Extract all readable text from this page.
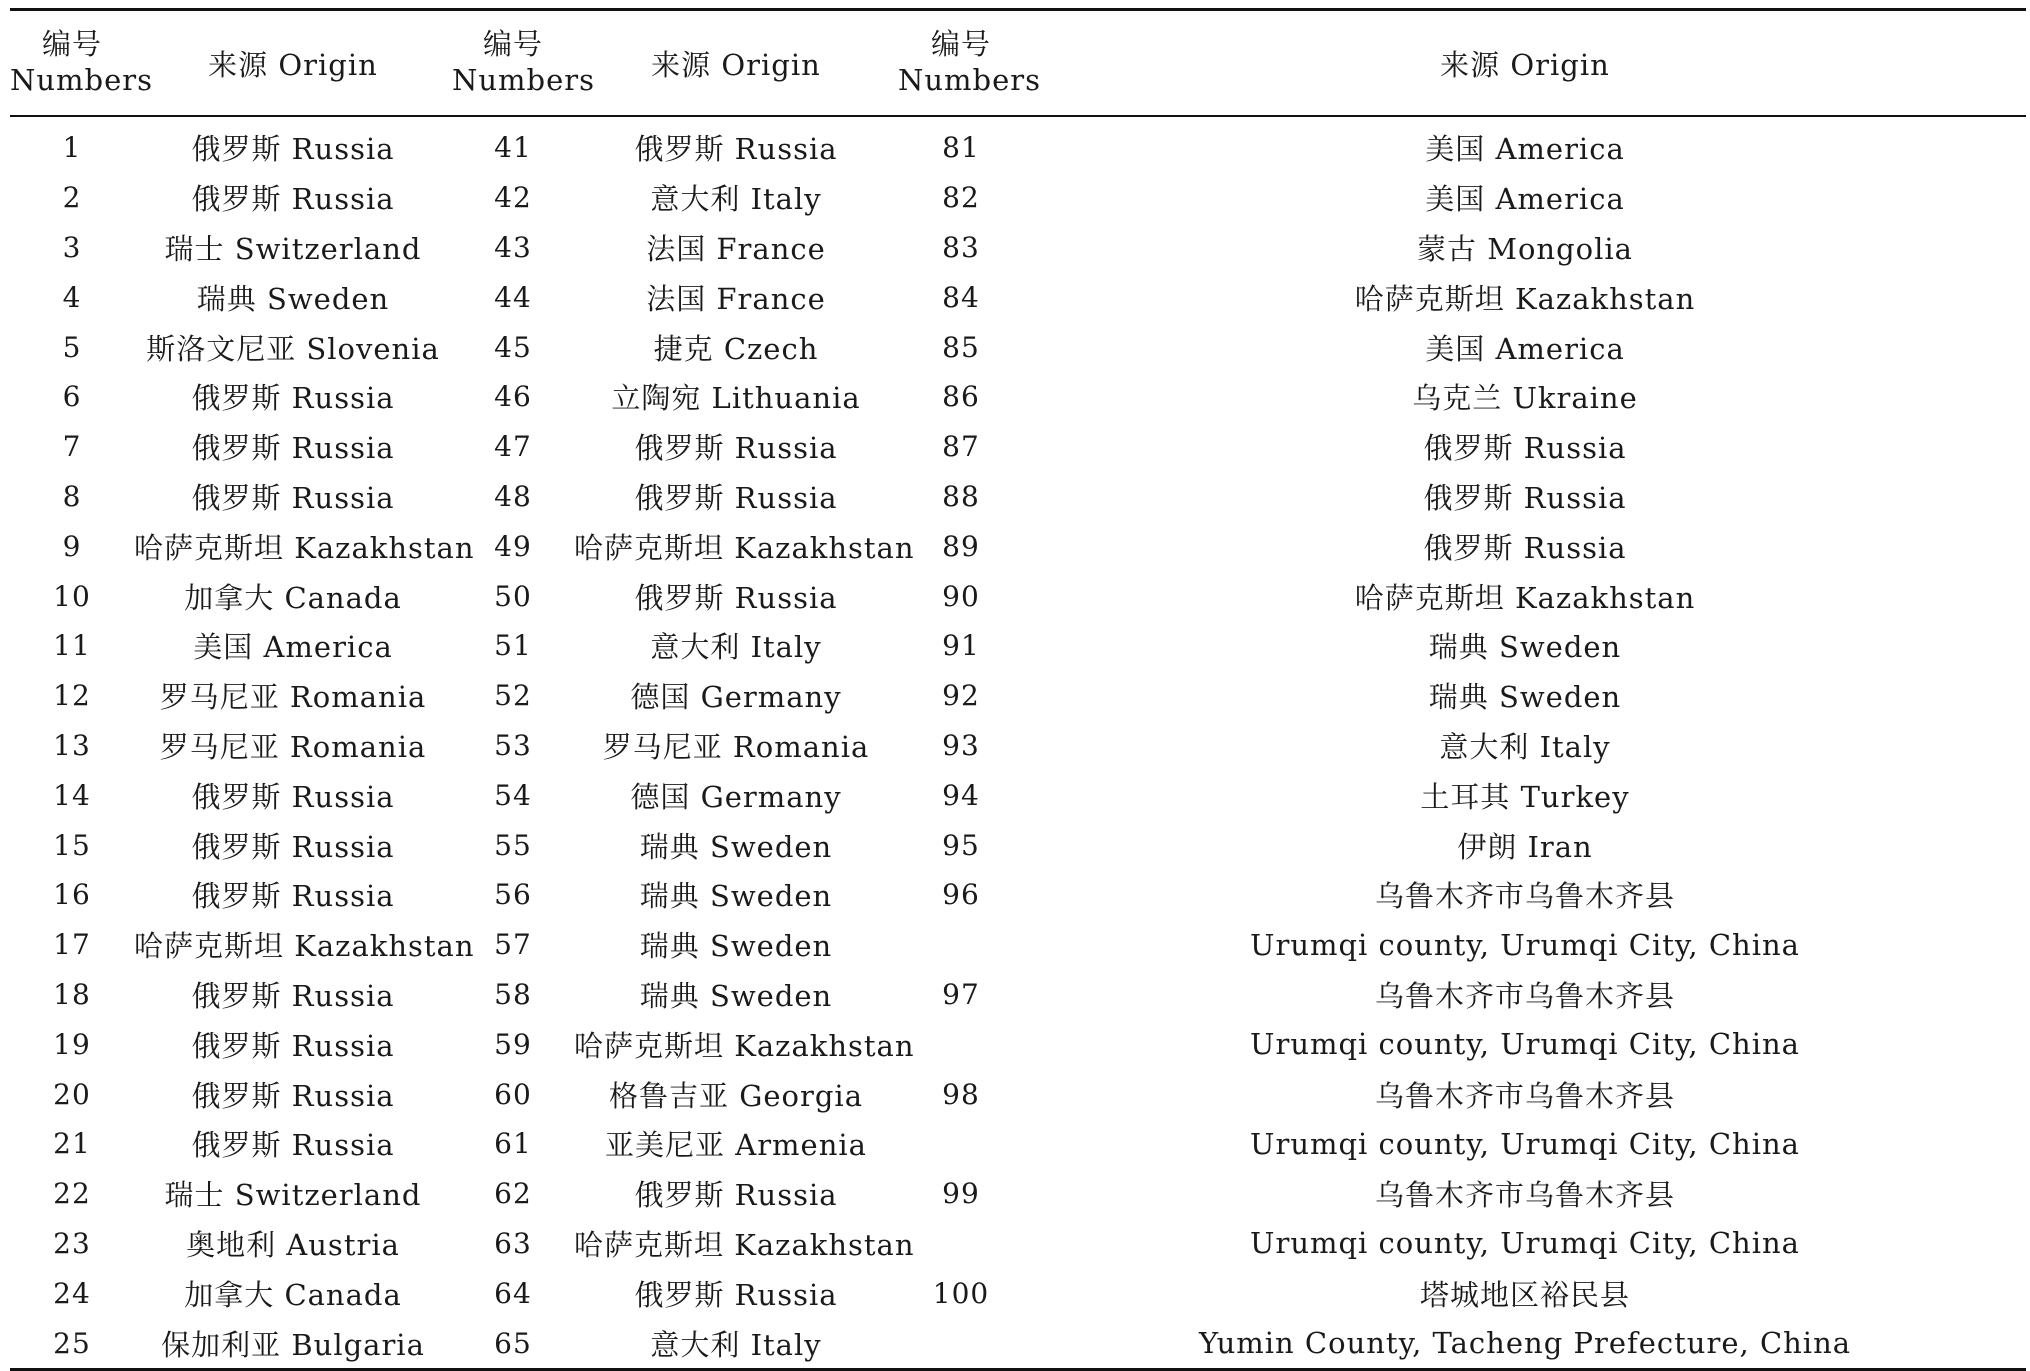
编号	来源 Origin	编号	来源 Origin	编号	来源 Origin
Numbers		Numbers		Numbers	
1	俄罗斯 Russia	41	俄罗斯 Russia	81	美国 America
2	俄罗斯 Russia	42	意大利 Italy	82	美国 America
3	瑞士 Switzerland	43	法国 France	83	蒙古 Mongolia
4	瑞典 Sweden	44	法国 France	84	哈萨克斯坦 Kazakhstan
5	斯洛文尼亚 Slovenia	45	捷克 Czech	85	美国 America
6	俄罗斯 Russia	46	立陶宛 Lithuania	86	乌克兰 Ukraine
7	俄罗斯 Russia	47	俄罗斯 Russia	87	俄罗斯 Russia
8	俄罗斯 Russia	48	俄罗斯 Russia	88	俄罗斯 Russia
9	哈萨克斯坦 Kazakhstan	49	哈萨克斯坦 Kazakhstan	89	俄罗斯 Russia
10	加拿大 Canada	50	俄罗斯 Russia	90	哈萨克斯坦 Kazakhstan
11	美国 America	51	意大利 Italy	91	瑞典 Sweden
12	罗马尼亚 Romania	52	德国 Germany	92	瑞典 Sweden
13	罗马尼亚 Romania	53	罗马尼亚 Romania	93	意大利 Italy
14	俄罗斯 Russia	54	德国 Germany	94	土耳其 Turkey
15	俄罗斯 Russia	55	瑞典 Sweden	95	伊朗 Iran
16	俄罗斯 Russia	56	瑞典 Sweden	96	乌鲁木齐市乌鲁木齐县
17	哈萨克斯坦 Kazakhstan	57	瑞典 Sweden		Urumqi county, Urumqi City, China
18	俄罗斯 Russia	58	瑞典 Sweden	97	乌鲁木齐市乌鲁木齐县
19	俄罗斯 Russia	59	哈萨克斯坦 Kazakhstan		Urumqi county, Urumqi City, China
20	俄罗斯 Russia	60	格鲁吉亚 Georgia	98	乌鲁木齐市乌鲁木齐县
21	俄罗斯 Russia	61	亚美尼亚 Armenia		Urumqi county, Urumqi City, China
22	瑞士 Switzerland	62	俄罗斯 Russia	99	乌鲁木齐市乌鲁木齐县
23	奥地利 Austria	63	哈萨克斯坦 Kazakhstan		Urumqi county, Urumqi City, China
24	加拿大 Canada	64	俄罗斯 Russia	100	塔城地区裕民县
25	保加利亚 Bulgaria	65	意大利 Italy		Yumin County, Tacheng Prefecture, China
